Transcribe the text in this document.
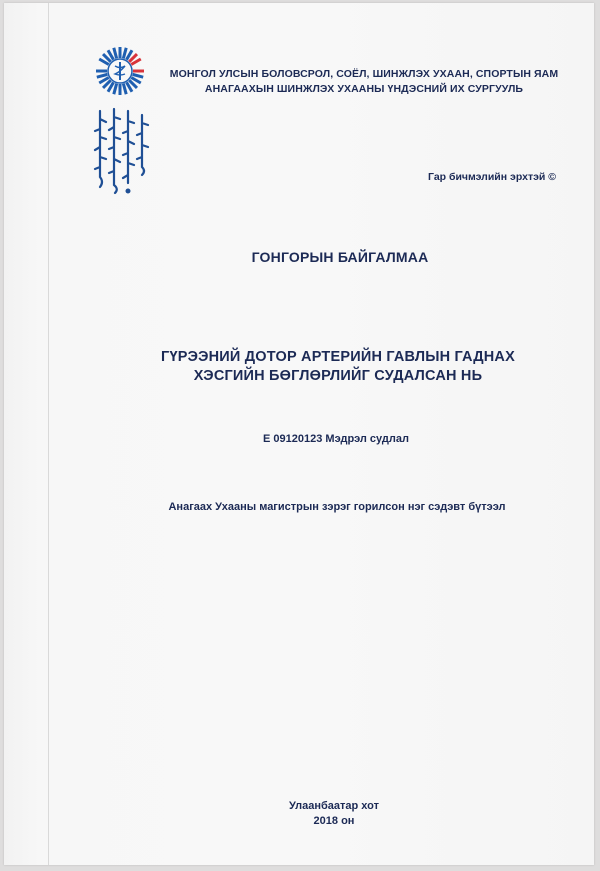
МОНГОЛ УЛСЫН БОЛОВСРОЛ, СОЁЛ, ШИНЖЛЭХ УХААН, СПОРТЫН ЯАМ
АНАГААХЫН ШИНЖЛЭХ УХААНЫ ҮНДЭСНИЙ ИХ СУРГУУЛЬ
Гар бичмэлийн эрхтэй ©
ГОНГОРЫН БАЙГАЛМАА
ГҮРЭЭНИЙ ДОТОР АРТЕРИЙН ГАВЛЫН ГАДНАХ
ХЭСГИЙН БӨГЛӨРЛИЙГ СУДАЛСАН НЬ
Е 09120123 Мэдрэл судлал
Анагаах Ухааны магистрын зэрэг горилсон нэг сэдэвт бүтээл
Улаанбаатар хот
2018 он
